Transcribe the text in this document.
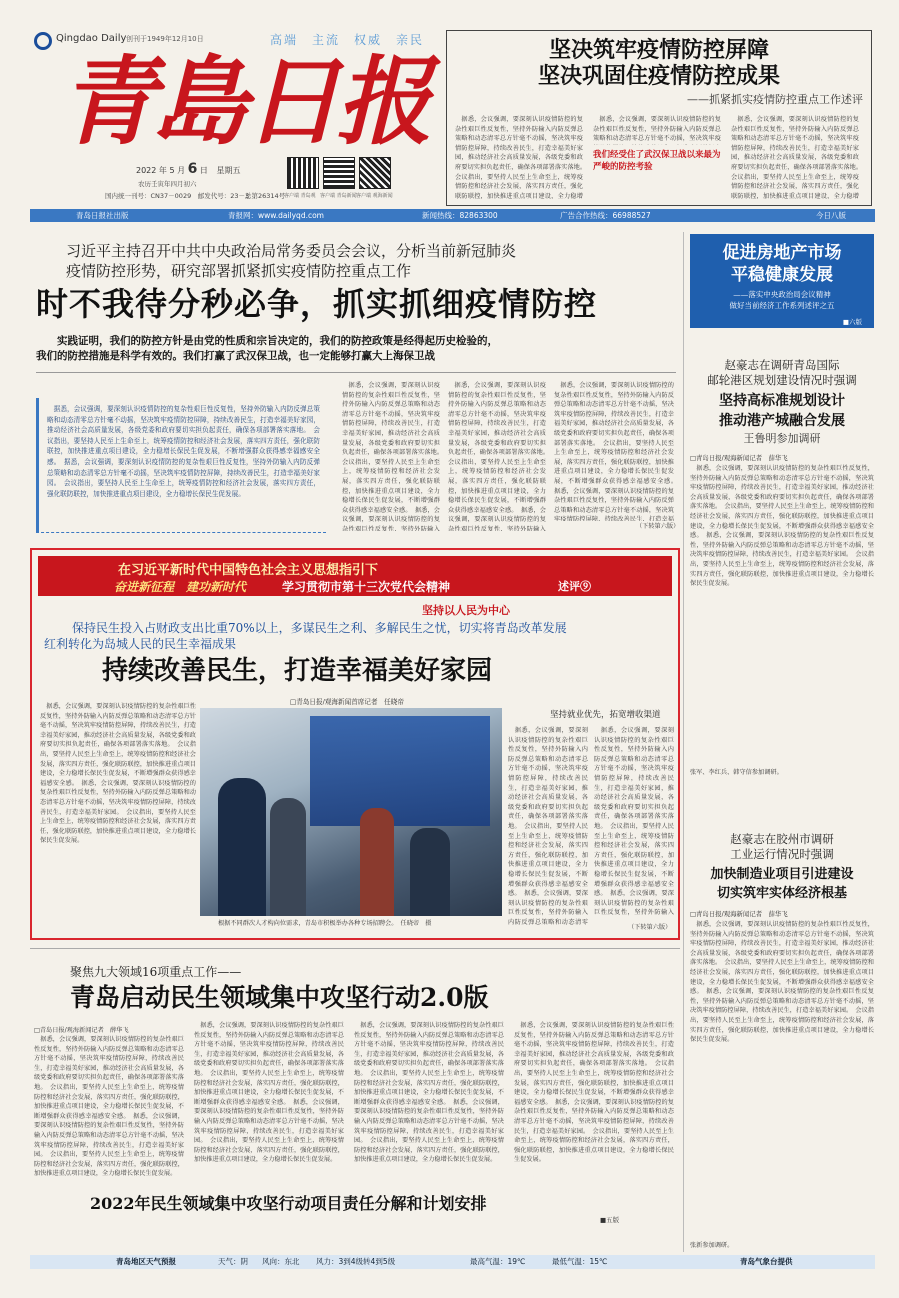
Qingdao Daily 创刊于1949年12月10日	高端　主流　权威　亲民
青島日报
2022 年 5 月 6 日 星期五
农历壬寅年四月初六
国内统一刊号：CN37－0029　邮发代号：23－3
总第26314号
客户端 青岛观 客户端 青岛新闻 客户端 观海新闻
坚决筑牢疫情防控屏障
坚决巩固住疫情防控成果
——抓紧抓实疫情防控重点工作述评
　据悉，会议强调，要深刻认识疫情防控的复杂性艰巨性反复性，坚持外防输入内防反弹总策略和动态清零总方针毫不动摇，坚决筑牢疫情防控屏障，持续改善民生，打造幸福美好家园，推动经济社会高质量发展，各级党委和政府要切实担负起责任，确保各项部署落实落地。　会议指出，要坚持人民至上生命至上，统筹疫情防控和经济社会发展，落实四方责任，强化联防联控，加快推进重点项目建设，全力稳增长保民生促发展，不断增强群众获得感幸福感安全感。　据悉，会议强调，要深刻认识疫情防控的复杂性艰巨性反复性，坚持外防输入内防反弹总策略和动态清零总方针毫不动摇，坚决筑牢疫情防控屏障，持续改善民生，打造幸福美好家园。　会议指出，要坚持人民至上生命至上，统筹疫情防控和经济社会发展，落实四方责任，强化联防联控，加快推进重点项目建设，全力稳增长保民生促发展。
　据悉，会议强调，要深刻认识疫情防控的复杂性艰巨性反复性，坚持外防输入内防反弹总策略和动态清零总方针毫不动摇，坚决筑牢疫情防控屏障，持续改善民生，打造幸福美好家园，推动经济社会高质量发展，各级党委和政府要切实担负起责任，确保各项部署落实落地。　会议指出，要坚持人民至上生命至上，统筹疫情防控和经济社会发展，落实四方责任，强化联防联控，加快推进重点项目建设，全力稳增长保民生促发展，不断增强群众获得感幸福感安全感。　据悉，会议强调，要深刻认识疫情防控的复杂性艰巨性反复性，坚持外防输入内防反弹总策略和动态清零总方针毫不动摇，坚决筑牢疫情防控屏障，持续改善民生，打造幸福美好家园。　会议指出，要坚持人民至上生命至上，统筹疫情防控和经济社会发展，落实四方责任，强化联防联控，加快推进重点项目建设，全力稳增长保民生促发展。
我们经受住了武汉保卫战以来最为严峻的防控考验
　据悉，会议强调，要深刻认识疫情防控的复杂性艰巨性反复性，坚持外防输入内防反弹总策略和动态清零总方针毫不动摇，坚决筑牢疫情防控屏障，持续改善民生，打造幸福美好家园，推动经济社会高质量发展，各级党委和政府要切实担负起责任，确保各项部署落实落地。　会议指出，要坚持人民至上生命至上，统筹疫情防控和经济社会发展，落实四方责任，强化联防联控，加快推进重点项目建设，全力稳增长保民生促发展，不断增强群众获得感幸福感安全感。　据悉，会议强调，要深刻认识疫情防控的复杂性艰巨性反复性，坚持外防输入内防反弹总策略和动态清零总方针毫不动摇，坚决筑牢疫情防控屏障，持续改善民生，打造幸福美好家园。　会议指出，要坚持人民至上生命至上，统筹疫情防控和经济社会发展，落实四方责任，强化联防联控，加快推进重点项目建设，全力稳增长保民生促发展。
青岛日报社出版	青报网：www.dailyqd.com	新闻热线：82863300	广告合作热线：66988527	今日八版
习近平主持召开中共中央政治局常务委员会会议，分析当前新冠肺炎
疫情防控形势，研究部署抓紧抓实疫情防控重点工作
时不我待分秒必争，抓实抓细疫情防控
　　实践证明，我们的防控方针是由党的性质和宗旨决定的，我们的防控政策是经得起历史检验的，
我们的防控措施是科学有效的。我们打赢了武汉保卫战，也一定能够打赢大上海保卫战
　据悉，会议强调，要深刻认识疫情防控的复杂性艰巨性反复性，坚持外防输入内防反弹总策略和动态清零总方针毫不动摇，坚决筑牢疫情防控屏障，持续改善民生，打造幸福美好家园，推动经济社会高质量发展，各级党委和政府要切实担负起责任，确保各项部署落实落地。　会议指出，要坚持人民至上生命至上，统筹疫情防控和经济社会发展，落实四方责任，强化联防联控，加快推进重点项目建设，全力稳增长保民生促发展，不断增强群众获得感幸福感安全感。　据悉，会议强调，要深刻认识疫情防控的复杂性艰巨性反复性，坚持外防输入内防反弹总策略和动态清零总方针毫不动摇，坚决筑牢疫情防控屏障，持续改善民生，打造幸福美好家园。　会议指出，要坚持人民至上生命至上，统筹疫情防控和经济社会发展，落实四方责任，强化联防联控，加快推进重点项目建设，全力稳增长保民生促发展。
　据悉，会议强调，要深刻认识疫情防控的复杂性艰巨性反复性，坚持外防输入内防反弹总策略和动态清零总方针毫不动摇，坚决筑牢疫情防控屏障，持续改善民生，打造幸福美好家园，推动经济社会高质量发展，各级党委和政府要切实担负起责任，确保各项部署落实落地。　会议指出，要坚持人民至上生命至上，统筹疫情防控和经济社会发展，落实四方责任，强化联防联控，加快推进重点项目建设，全力稳增长保民生促发展，不断增强群众获得感幸福感安全感。　据悉，会议强调，要深刻认识疫情防控的复杂性艰巨性反复性，坚持外防输入内防反弹总策略和动态清零总方针毫不动摇，坚决筑牢疫情防控屏障，持续改善民生，打造幸福美好家园。　会议指出，要坚持人民至上生命至上，统筹疫情防控和经济社会发展，落实四方责任，强化联防联控，加快推进重点项目建设，全力稳增长保民生促发展。
　据悉，会议强调，要深刻认识疫情防控的复杂性艰巨性反复性，坚持外防输入内防反弹总策略和动态清零总方针毫不动摇，坚决筑牢疫情防控屏障，持续改善民生，打造幸福美好家园，推动经济社会高质量发展，各级党委和政府要切实担负起责任，确保各项部署落实落地。　会议指出，要坚持人民至上生命至上，统筹疫情防控和经济社会发展，落实四方责任，强化联防联控，加快推进重点项目建设，全力稳增长保民生促发展，不断增强群众获得感幸福感安全感。　据悉，会议强调，要深刻认识疫情防控的复杂性艰巨性反复性，坚持外防输入内防反弹总策略和动态清零总方针毫不动摇，坚决筑牢疫情防控屏障，持续改善民生，打造幸福美好家园。　会议指出，要坚持人民至上生命至上，统筹疫情防控和经济社会发展，落实四方责任，强化联防联控，加快推进重点项目建设，全力稳增长保民生促发展。
　据悉，会议强调，要深刻认识疫情防控的复杂性艰巨性反复性，坚持外防输入内防反弹总策略和动态清零总方针毫不动摇，坚决筑牢疫情防控屏障，持续改善民生，打造幸福美好家园，推动经济社会高质量发展，各级党委和政府要切实担负起责任，确保各项部署落实落地。　会议指出，要坚持人民至上生命至上，统筹疫情防控和经济社会发展，落实四方责任，强化联防联控，加快推进重点项目建设，全力稳增长保民生促发展，不断增强群众获得感幸福感安全感。　据悉，会议强调，要深刻认识疫情防控的复杂性艰巨性反复性，坚持外防输入内防反弹总策略和动态清零总方针毫不动摇，坚决筑牢疫情防控屏障，持续改善民生，打造幸福美好家园。　会议指出，要坚持人民至上生命至上，统筹疫情防控和经济社会发展，落实四方责任，强化联防联控，加快推进重点项目建设，全力稳增长保民生促发展。
（下转第六版）
促进房地产市场
平稳健康发展
——落实中央政治局会议精神
做好当前经济工作系列述评之五
■六版
赵豪志在调研青岛国际
邮轮港区规划建设情况时强调
坚持高标准规划设计
推动港产城融合发展
王鲁明参加调研
□青岛日报/观海新闻记者　薛华飞
　据悉，会议强调，要深刻认识疫情防控的复杂性艰巨性反复性，坚持外防输入内防反弹总策略和动态清零总方针毫不动摇，坚决筑牢疫情防控屏障，持续改善民生，打造幸福美好家园，推动经济社会高质量发展，各级党委和政府要切实担负起责任，确保各项部署落实落地。　会议指出，要坚持人民至上生命至上，统筹疫情防控和经济社会发展，落实四方责任，强化联防联控，加快推进重点项目建设，全力稳增长保民生促发展，不断增强群众获得感幸福感安全感。　据悉，会议强调，要深刻认识疫情防控的复杂性艰巨性反复性，坚持外防输入内防反弹总策略和动态清零总方针毫不动摇，坚决筑牢疫情防控屏障，持续改善民生，打造幸福美好家园。　会议指出，要坚持人民至上生命至上，统筹疫情防控和经济社会发展，落实四方责任，强化联防联控，加快推进重点项目建设，全力稳增长保民生促发展。
张军、李红兵、韩守信参加调研。
赵豪志在胶州市调研
工业运行情况时强调
加快制造业项目引进建设
切实筑牢实体经济根基
□青岛日报/观海新闻记者　薛华飞
　据悉，会议强调，要深刻认识疫情防控的复杂性艰巨性反复性，坚持外防输入内防反弹总策略和动态清零总方针毫不动摇，坚决筑牢疫情防控屏障，持续改善民生，打造幸福美好家园，推动经济社会高质量发展，各级党委和政府要切实担负起责任，确保各项部署落实落地。　会议指出，要坚持人民至上生命至上，统筹疫情防控和经济社会发展，落实四方责任，强化联防联控，加快推进重点项目建设，全力稳增长保民生促发展，不断增强群众获得感幸福感安全感。　据悉，会议强调，要深刻认识疫情防控的复杂性艰巨性反复性，坚持外防输入内防反弹总策略和动态清零总方针毫不动摇，坚决筑牢疫情防控屏障，持续改善民生，打造幸福美好家园。　会议指出，要坚持人民至上生命至上，统筹疫情防控和经济社会发展，落实四方责任，强化联防联控，加快推进重点项目建设，全力稳增长保民生促发展。
张新参加调研。
在习近平新时代中国特色社会主义思想指引下
奋进新征程　建功新时代	学习贯彻市第十三次党代会精神	述评⑨
坚持以人民为中心
保持民生投入占财政支出比重70%以上，多谋民生之利、多解民生之忧，切实将青岛改革发展
红利转化为岛城人民的民生幸福成果
持续改善民生，打造幸福美好家园
□青岛日报/观海新闻首席记者　任晓帝
　据悉，会议强调，要深刻认识疫情防控的复杂性艰巨性反复性，坚持外防输入内防反弹总策略和动态清零总方针毫不动摇，坚决筑牢疫情防控屏障，持续改善民生，打造幸福美好家园，推动经济社会高质量发展，各级党委和政府要切实担负起责任，确保各项部署落实落地。　会议指出，要坚持人民至上生命至上，统筹疫情防控和经济社会发展，落实四方责任，强化联防联控，加快推进重点项目建设，全力稳增长保民生促发展，不断增强群众获得感幸福感安全感。　据悉，会议强调，要深刻认识疫情防控的复杂性艰巨性反复性，坚持外防输入内防反弹总策略和动态清零总方针毫不动摇，坚决筑牢疫情防控屏障，持续改善民生，打造幸福美好家园。　会议指出，要坚持人民至上生命至上，统筹疫情防控和经济社会发展，落实四方责任，强化联防联控，加快推进重点项目建设，全力稳增长保民生促发展。
根据不同群次人才构向位需求，青岛市积极举办各种专场招聘会。　任晓帝　摄
坚持就业优先，拓宽增收渠道
　据悉，会议强调，要深刻认识疫情防控的复杂性艰巨性反复性，坚持外防输入内防反弹总策略和动态清零总方针毫不动摇，坚决筑牢疫情防控屏障，持续改善民生，打造幸福美好家园，推动经济社会高质量发展，各级党委和政府要切实担负起责任，确保各项部署落实落地。　会议指出，要坚持人民至上生命至上，统筹疫情防控和经济社会发展，落实四方责任，强化联防联控，加快推进重点项目建设，全力稳增长保民生促发展，不断增强群众获得感幸福感安全感。　据悉，会议强调，要深刻认识疫情防控的复杂性艰巨性反复性，坚持外防输入内防反弹总策略和动态清零总方针毫不动摇，坚决筑牢疫情防控屏障，持续改善民生，打造幸福美好家园。　会议指出，要坚持人民至上生命至上，统筹疫情防控和经济社会发展，落实四方责任，强化联防联控，加快推进重点项目建设，全力稳增长保民生促发展。
　据悉，会议强调，要深刻认识疫情防控的复杂性艰巨性反复性，坚持外防输入内防反弹总策略和动态清零总方针毫不动摇，坚决筑牢疫情防控屏障，持续改善民生，打造幸福美好家园，推动经济社会高质量发展，各级党委和政府要切实担负起责任，确保各项部署落实落地。　会议指出，要坚持人民至上生命至上，统筹疫情防控和经济社会发展，落实四方责任，强化联防联控，加快推进重点项目建设，全力稳增长保民生促发展，不断增强群众获得感幸福感安全感。　据悉，会议强调，要深刻认识疫情防控的复杂性艰巨性反复性，坚持外防输入内防反弹总策略和动态清零总方针毫不动摇，坚决筑牢疫情防控屏障，持续改善民生，打造幸福美好家园。　会议指出，要坚持人民至上生命至上，统筹疫情防控和经济社会发展，落实四方责任，强化联防联控，加快推进重点项目建设，全力稳增长保民生促发展。
（下转第六版）
聚焦九大领域16项重点工作——
青岛启动民生领域集中攻坚行动2.0版
□青岛日报/观海新闻记者　薛华飞
　据悉，会议强调，要深刻认识疫情防控的复杂性艰巨性反复性，坚持外防输入内防反弹总策略和动态清零总方针毫不动摇，坚决筑牢疫情防控屏障，持续改善民生，打造幸福美好家园，推动经济社会高质量发展，各级党委和政府要切实担负起责任，确保各项部署落实落地。　会议指出，要坚持人民至上生命至上，统筹疫情防控和经济社会发展，落实四方责任，强化联防联控，加快推进重点项目建设，全力稳增长保民生促发展，不断增强群众获得感幸福感安全感。　据悉，会议强调，要深刻认识疫情防控的复杂性艰巨性反复性，坚持外防输入内防反弹总策略和动态清零总方针毫不动摇，坚决筑牢疫情防控屏障，持续改善民生，打造幸福美好家园。　会议指出，要坚持人民至上生命至上，统筹疫情防控和经济社会发展，落实四方责任，强化联防联控，加快推进重点项目建设，全力稳增长保民生促发展。
　据悉，会议强调，要深刻认识疫情防控的复杂性艰巨性反复性，坚持外防输入内防反弹总策略和动态清零总方针毫不动摇，坚决筑牢疫情防控屏障，持续改善民生，打造幸福美好家园，推动经济社会高质量发展，各级党委和政府要切实担负起责任，确保各项部署落实落地。　会议指出，要坚持人民至上生命至上，统筹疫情防控和经济社会发展，落实四方责任，强化联防联控，加快推进重点项目建设，全力稳增长保民生促发展，不断增强群众获得感幸福感安全感。　据悉，会议强调，要深刻认识疫情防控的复杂性艰巨性反复性，坚持外防输入内防反弹总策略和动态清零总方针毫不动摇，坚决筑牢疫情防控屏障，持续改善民生，打造幸福美好家园。　会议指出，要坚持人民至上生命至上，统筹疫情防控和经济社会发展，落实四方责任，强化联防联控，加快推进重点项目建设，全力稳增长保民生促发展。
　据悉，会议强调，要深刻认识疫情防控的复杂性艰巨性反复性，坚持外防输入内防反弹总策略和动态清零总方针毫不动摇，坚决筑牢疫情防控屏障，持续改善民生，打造幸福美好家园，推动经济社会高质量发展，各级党委和政府要切实担负起责任，确保各项部署落实落地。　会议指出，要坚持人民至上生命至上，统筹疫情防控和经济社会发展，落实四方责任，强化联防联控，加快推进重点项目建设，全力稳增长保民生促发展，不断增强群众获得感幸福感安全感。　据悉，会议强调，要深刻认识疫情防控的复杂性艰巨性反复性，坚持外防输入内防反弹总策略和动态清零总方针毫不动摇，坚决筑牢疫情防控屏障，持续改善民生，打造幸福美好家园。　会议指出，要坚持人民至上生命至上，统筹疫情防控和经济社会发展，落实四方责任，强化联防联控，加快推进重点项目建设，全力稳增长保民生促发展。
　据悉，会议强调，要深刻认识疫情防控的复杂性艰巨性反复性，坚持外防输入内防反弹总策略和动态清零总方针毫不动摇，坚决筑牢疫情防控屏障，持续改善民生，打造幸福美好家园，推动经济社会高质量发展，各级党委和政府要切实担负起责任，确保各项部署落实落地。　会议指出，要坚持人民至上生命至上，统筹疫情防控和经济社会发展，落实四方责任，强化联防联控，加快推进重点项目建设，全力稳增长保民生促发展，不断增强群众获得感幸福感安全感。　据悉，会议强调，要深刻认识疫情防控的复杂性艰巨性反复性，坚持外防输入内防反弹总策略和动态清零总方针毫不动摇，坚决筑牢疫情防控屏障，持续改善民生，打造幸福美好家园。　会议指出，要坚持人民至上生命至上，统筹疫情防控和经济社会发展，落实四方责任，强化联防联控，加快推进重点项目建设，全力稳增长保民生促发展。
2022年民生领域集中攻坚行动项目责任分解和计划安排
■五版
青岛地区天气预报	天气：阴 风向：东北 风力：3到4级转4到5级	最高气温：19℃	最低气温：15℃	青岛气象台提供
